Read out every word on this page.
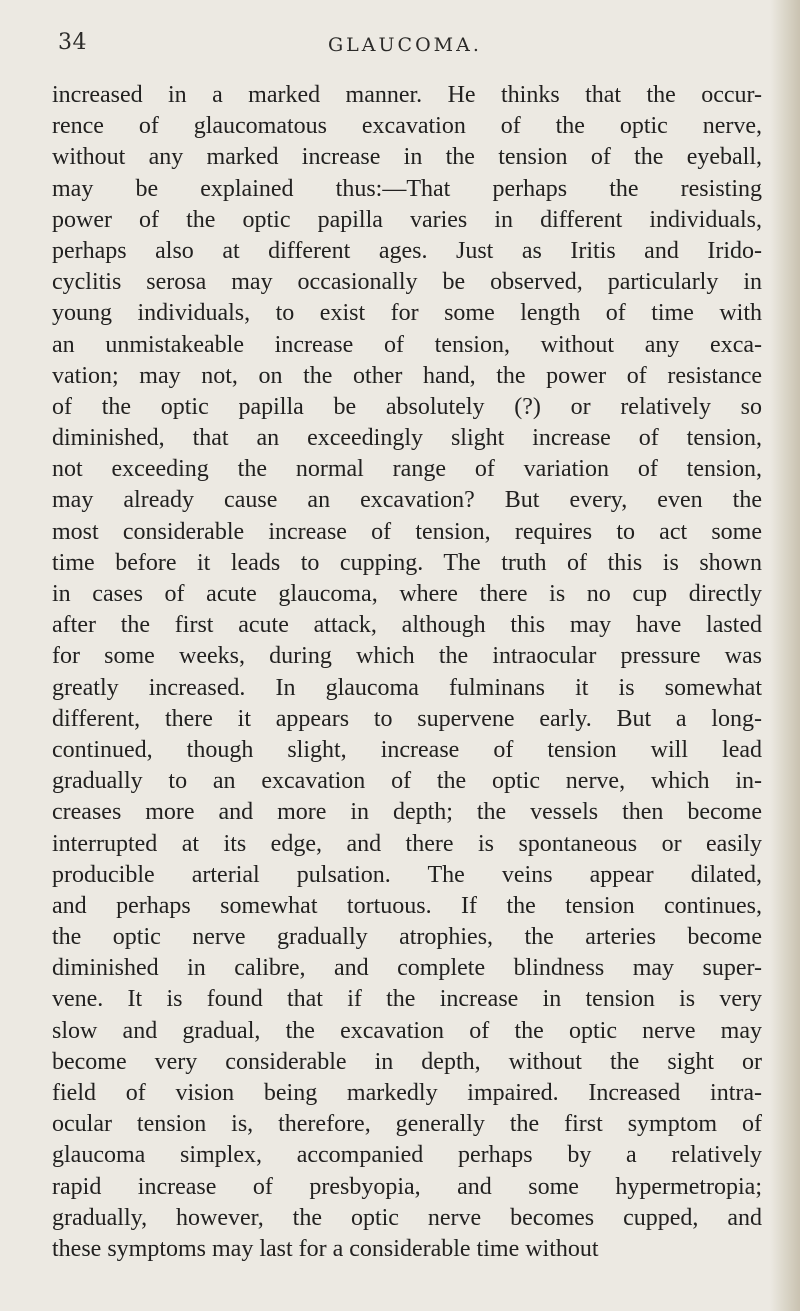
34	GLAUCOMA.
increased in a marked manner. He thinks that the occur-
rence of glaucomatous excavation of the optic nerve,
without any marked increase in the tension of the eyeball,
may be explained thus:—That perhaps the resisting
power of the optic papilla varies in different individuals,
perhaps also at different ages. Just as Iritis and Irido-
cyclitis serosa may occasionally be observed, particularly in
young individuals, to exist for some length of time with
an unmistakeable increase of tension, without any exca-
vation; may not, on the other hand, the power of resistance
of the optic papilla be absolutely (?) or relatively so
diminished, that an exceedingly slight increase of tension,
not exceeding the normal range of variation of tension,
may already cause an excavation? But every, even the
most considerable increase of tension, requires to act some
time before it leads to cupping. The truth of this is shown
in cases of acute glaucoma, where there is no cup directly
after the first acute attack, although this may have lasted
for some weeks, during which the intraocular pressure was
greatly increased. In glaucoma fulminans it is somewhat
different, there it appears to supervene early. But a long-
continued, though slight, increase of tension will lead
gradually to an excavation of the optic nerve, which in-
creases more and more in depth; the vessels then become
interrupted at its edge, and there is spontaneous or easily
producible arterial pulsation. The veins appear dilated,
and perhaps somewhat tortuous. If the tension continues,
the optic nerve gradually atrophies, the arteries become
diminished in calibre, and complete blindness may super-
vene. It is found that if the increase in tension is very
slow and gradual, the excavation of the optic nerve may
become very considerable in depth, without the sight or
field of vision being markedly impaired. Increased intra-
ocular tension is, therefore, generally the first symptom of
glaucoma simplex, accompanied perhaps by a relatively
rapid increase of presbyopia, and some hypermetropia;
gradually, however, the optic nerve becomes cupped, and
these symptoms may last for a considerable time without
